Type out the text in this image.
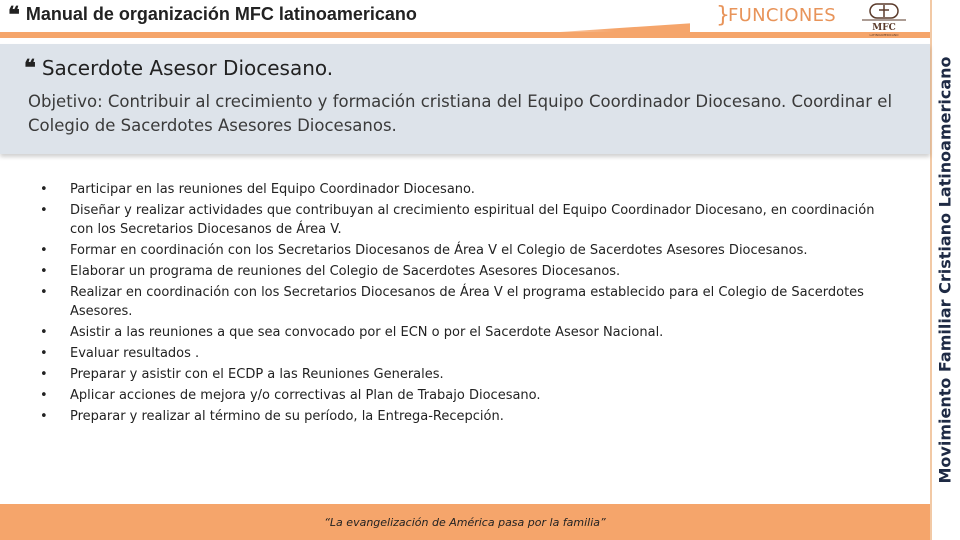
❝ Manual de organización MFC latinoamericano	}
FUNCIONES
MFC
LATINOAMERICANO
Movimiento Familiar Cristiano Latinoamericano
❝ Sacerdote Asesor Diocesano.
Objetivo: Contribuir al crecimiento y formación cristiana del Equipo Coordinador Diocesano. Coordinar el Colegio de Sacerdotes Asesores Diocesanos.
• Participar en las reuniones del Equipo Coordinador Diocesano.
• Diseñar y realizar actividades que contribuyan al crecimiento espiritual del Equipo Coordinador Diocesano, en coordinación con los Secretarios Diocesanos de Área V.
• Formar en coordinación con los Secretarios Diocesanos de Área V el Colegio de Sacerdotes Asesores Diocesanos.
• Elaborar un programa de reuniones del Colegio de Sacerdotes Asesores Diocesanos.
• Realizar en coordinación con los Secretarios Diocesanos de Área V el programa establecido para el Colegio de Sacerdotes Asesores.
• Asistir a las reuniones a que sea convocado por el ECN o por el Sacerdote Asesor Nacional.
• Evaluar resultados .
• Preparar y asistir con el ECDP a las Reuniones Generales.
• Aplicar acciones de mejora y/o correctivas al Plan de Trabajo Diocesano.
• Preparar y realizar al término de su período, la Entrega-Recepción.
“La evangelización de América pasa por la familia”
